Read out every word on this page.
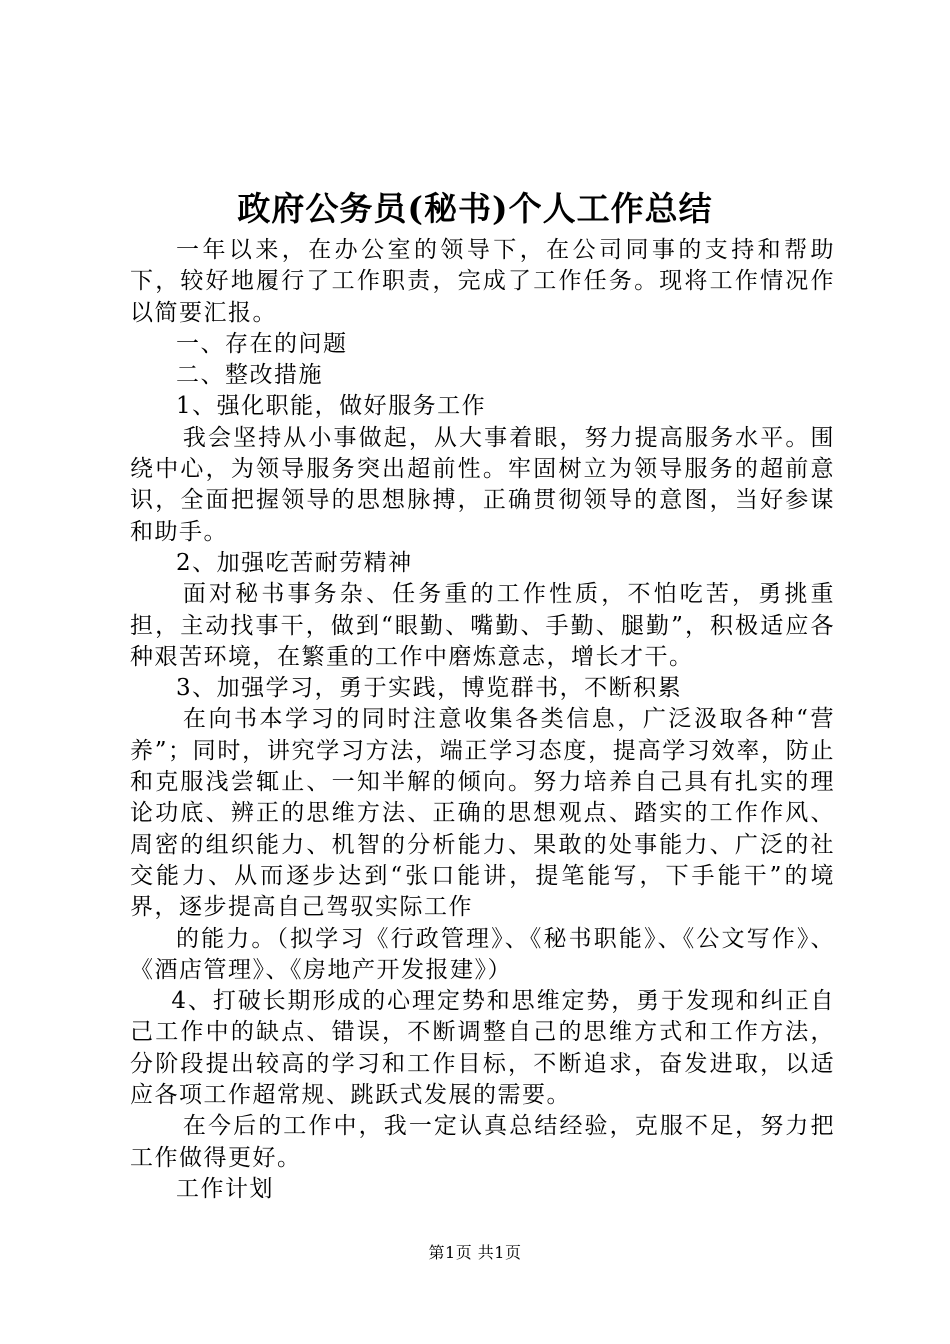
政府公务员(秘书)个人工作总结

一年以来，在办公室的领导下，在公司同事的支持和帮助下，较好地履行了工作职责，完成了工作任务。现将工作情况作以简要汇报。

一、存在的问题

二、整改措施

1、强化职能，做好服务工作

我会坚持从小事做起，从大事着眼，努力提高服务水平。围绕中心，为领导服务突出超前性。牢固树立为领导服务的超前意识，全面把握领导的思想脉搏，正确贯彻领导的意图，当好参谋和助手。

2、加强吃苦耐劳精神

面对秘书事务杂、任务重的工作性质，不怕吃苦，勇挑重担，主动找事干，做到“眼勤、嘴勤、手勤、腿勤”，积极适应各种艰苦环境，在繁重的工作中磨炼意志，增长才干。

3、加强学习，勇于实践，博览群书，不断积累

在向书本学习的同时注意收集各类信息，广泛汲取各种“营养”；同时，讲究学习方法，端正学习态度，提高学习效率，防止和克服浅尝辄止、一知半解的倾向。努力培养自己具有扎实的理论功底、辨正的思维方法、正确的思想观点、踏实的工作作风、周密的组织能力、机智的分析能力、果敢的处事能力、广泛的社交能力、从而逐步达到“张口能讲，提笔能写，下手能干”的境界，逐步提高自己驾驭实际工作

的能力。（拟学习《行政管理》、《秘书职能》、《公文写作》、《酒店管理》、《房地产开发报建》）

4、打破长期形成的心理定势和思维定势，勇于发现和纠正自己工作中的缺点、错误，不断调整自己的思维方式和工作方法，分阶段提出较高的学习和工作目标，不断追求，奋发进取，以适应各项工作超常规、跳跃式发展的需要。

在今后的工作中，我一定认真总结经验，克服不足，努力把工作做得更好。

工作计划

第1页 共1页
